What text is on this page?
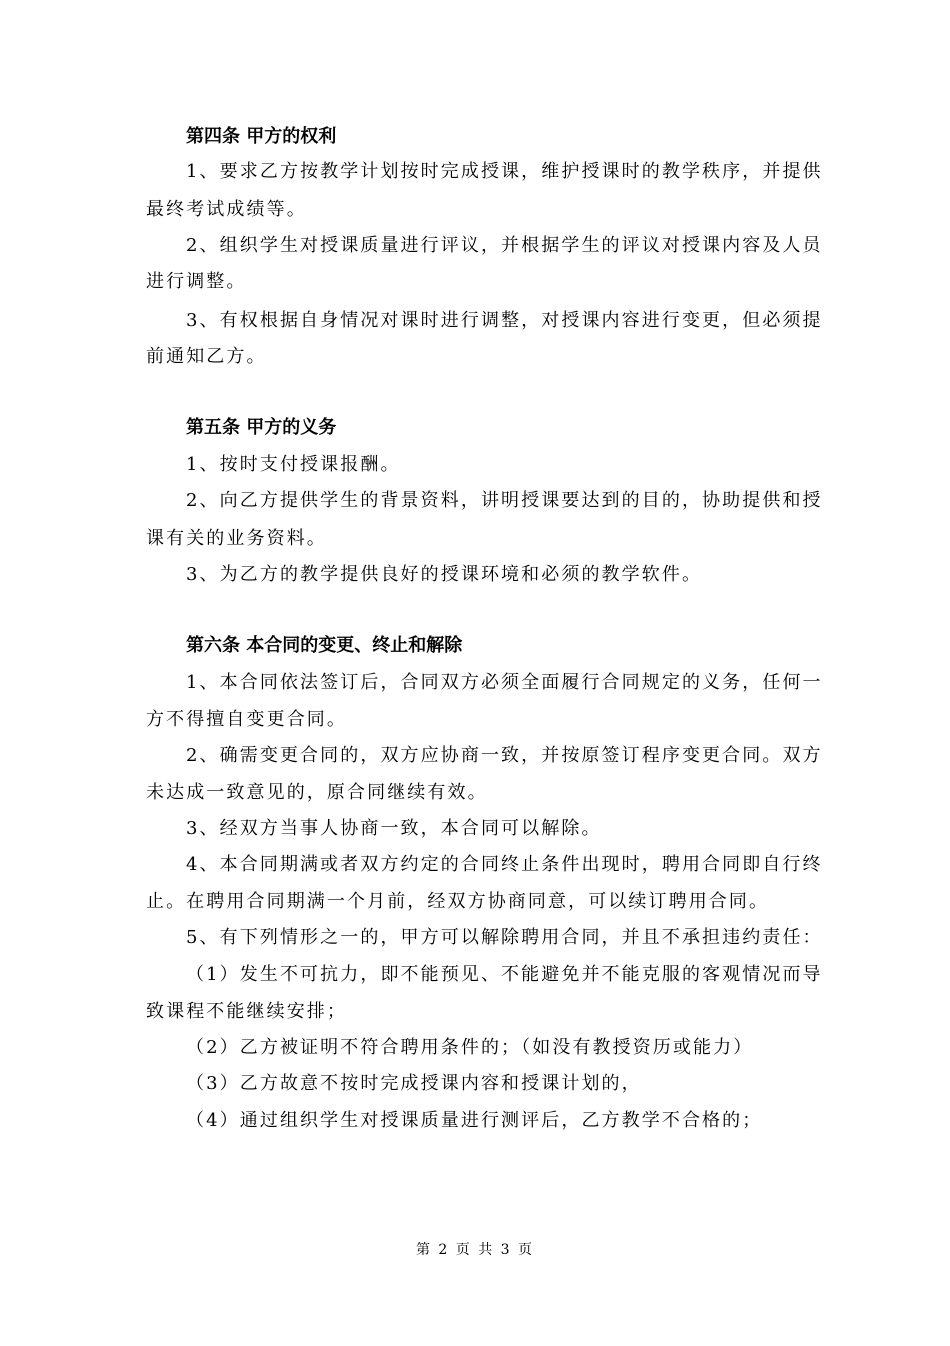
第四条 甲方的权利

1、要求乙方按教学计划按时完成授课，维护授课时的教学秩序，并提供

最终考试成绩等。

2、组织学生对授课质量进行评议，并根据学生的评议对授课内容及人员

进行调整。

3、有权根据自身情况对课时进行调整，对授课内容进行变更，但必须提

前通知乙方。

第五条 甲方的义务

1、按时支付授课报酬。

2、向乙方提供学生的背景资料，讲明授课要达到的目的，协助提供和授

课有关的业务资料。

3、为乙方的教学提供良好的授课环境和必须的教学软件。

第六条 本合同的变更、终止和解除

1、本合同依法签订后，合同双方必须全面履行合同规定的义务，任何一

方不得擅自变更合同。

2、确需变更合同的，双方应协商一致，并按原签订程序变更合同。双方

未达成一致意见的，原合同继续有效。

3、经双方当事人协商一致，本合同可以解除。

4、本合同期满或者双方约定的合同终止条件出现时，聘用合同即自行终

止。在聘用合同期满一个月前，经双方协商同意，可以续订聘用合同。

5、有下列情形之一的，甲方可以解除聘用合同，并且不承担违约责任：

（1）发生不可抗力，即不能预见、不能避免并不能克服的客观情况而导

致课程不能继续安排；

（2）乙方被证明不符合聘用条件的；（如没有教授资历或能力）

（3）乙方故意不按时完成授课内容和授课计划的，

（4）通过组织学生对授课质量进行测评后，乙方教学不合格的；

第 2 页 共 3 页
